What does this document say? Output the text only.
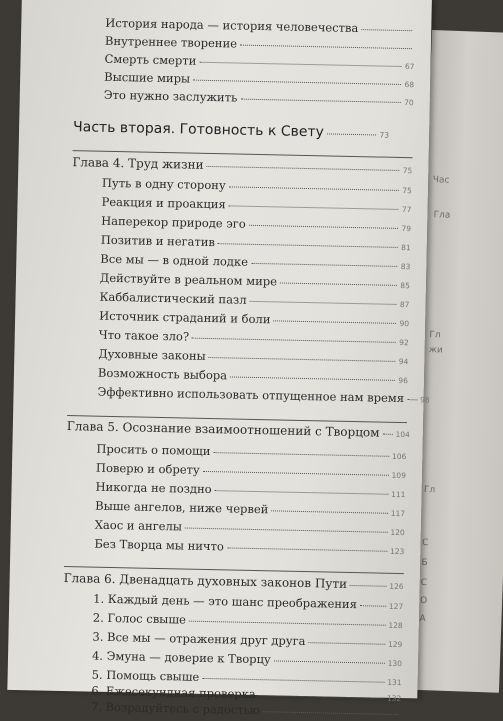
Час
Гла
Гл
жи
Гл
С
Б
С
О
А
История народа — история человечества
Внутреннее творение
Смерть смерти	67
Высшие миры	68
Это нужно заслужить	70
Часть вторая. Готовность к Свету	73
Глава 4. Труд жизни	75
Путь в одну сторону	75
Реакция и проакция	77
Наперекор природе эго	79
Позитив и негатив	81
Все мы — в одной лодке	83
Действуйте в реальном мире	85
Каббалистический пазл	87
Источник страданий и боли	90
Что такое зло?	92
Духовные законы	94
Возможность выбора	96
Эффективно использовать отпущенное нам время 98
Глава 5. Осознание взаимоотношений с Творцом 104
Просить о помощи	106
Поверю и обрету	109
Никогда не поздно	111
Выше ангелов, ниже червей	117
Хаос и ангелы	120
Без Творца мы ничто	123
Глава 6. Двенадцать духовных законов Пути	126
1. Каждый день — это шанс преображения	127
2. Голос свыше	128
3. Все мы — отражения друг друга	129
4. Эмуна — доверие к Творцу	130
5. Помощь свыше	131
6. Ежесекундная проверка	132
7. Возрадуйтесь с радостью
